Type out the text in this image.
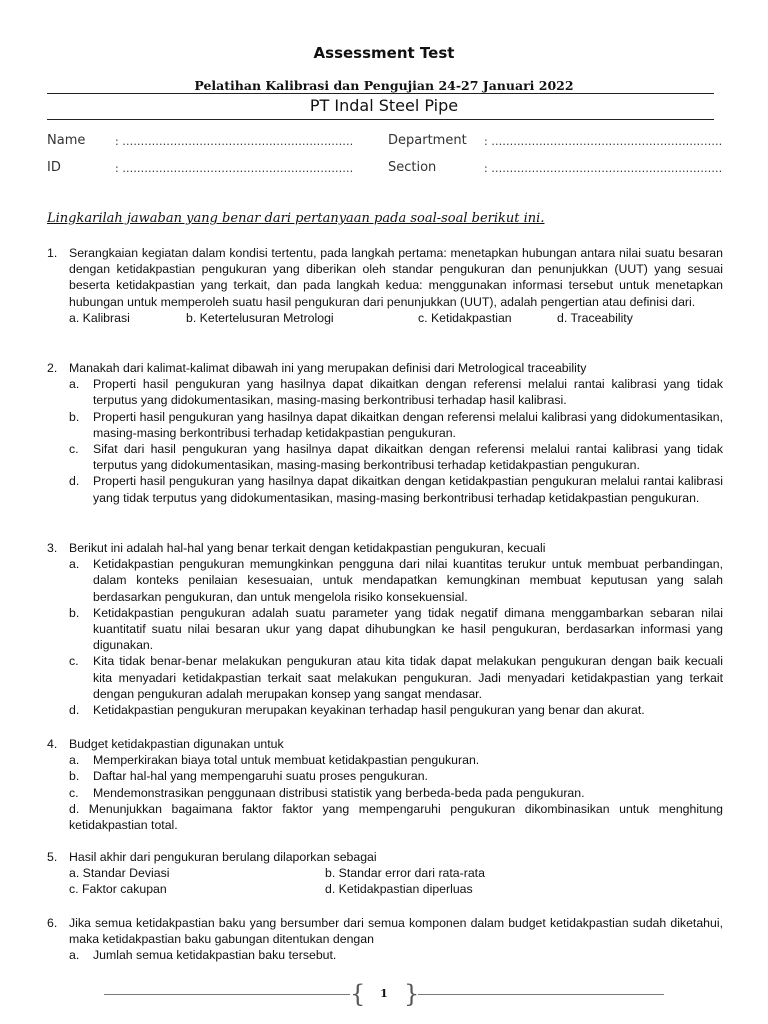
Assessment Test
Pelatihan Kalibrasi dan Pengujian 24-27 Januari 2022
PT Indal Steel Pipe
Name	: ………………………………………………………	Department : ………………………………………………………
ID	: ………………………………………………………	Section	: ………………………………………………………
Lingkarilah jawaban yang benar dari pertanyaan pada soal-soal berikut ini.
1. Serangkaian kegiatan dalam kondisi tertentu, pada langkah pertama: menetapkan hubungan antara nilai suatu besaran dengan ketidakpastian pengukuran yang diberikan oleh standar pengukuran dan penunjukkan (UUT) yang sesuai beserta ketidakpastian yang terkait, dan pada langkah kedua: menggunakan informasi tersebut untuk menetapkan hubungan untuk memperoleh suatu hasil pengukuran dari penunjukkan (UUT), adalah pengertian atau definisi dari.
a. Kalibrasi	b. Ketertelusuran Metrologi	c. Ketidakpastian	d. Traceability
2. Manakah dari kalimat-kalimat dibawah ini yang merupakan definisi dari Metrological traceability
a. Properti hasil pengukuran yang hasilnya dapat dikaitkan dengan referensi melalui rantai kalibrasi yang tidak terputus yang didokumentasikan, masing-masing berkontribusi terhadap hasil kalibrasi.
b. Properti hasil pengukuran yang hasilnya dapat dikaitkan dengan referensi melalui kalibrasi yang didokumentasikan, masing-masing berkontribusi terhadap ketidakpastian pengukuran.
c. Sifat dari hasil pengukuran yang hasilnya dapat dikaitkan dengan referensi melalui rantai kalibrasi yang tidak terputus yang didokumentasikan, masing-masing berkontribusi terhadap ketidakpastian pengukuran.
d. Properti hasil pengukuran yang hasilnya dapat dikaitkan dengan ketidakpastian pengukuran melalui rantai kalibrasi yang tidak terputus yang didokumentasikan, masing-masing berkontribusi terhadap ketidakpastian pengukuran.
3. Berikut ini adalah hal-hal yang benar terkait dengan ketidakpastian pengukuran, kecuali
a. Ketidakpastian pengukuran memungkinkan pengguna dari nilai kuantitas terukur untuk membuat perbandingan, dalam konteks penilaian kesesuaian, untuk mendapatkan kemungkinan membuat keputusan yang salah berdasarkan pengukuran, dan untuk mengelola risiko konsekuensial.
b. Ketidakpastian pengukuran adalah suatu parameter yang tidak negatif dimana menggambarkan sebaran nilai kuantitatif suatu nilai besaran ukur yang dapat dihubungkan ke hasil pengukuran, berdasarkan informasi yang digunakan.
c. Kita tidak benar-benar melakukan pengukuran atau kita tidak dapat melakukan pengukuran dengan baik kecuali kita menyadari ketidakpastian terkait saat melakukan pengukuran. Jadi menyadari ketidakpastian yang terkait dengan pengukuran adalah merupakan konsep yang sangat mendasar.
d. Ketidakpastian pengukuran merupakan keyakinan terhadap hasil pengukuran yang benar dan akurat.
4. Budget ketidakpastian digunakan untuk
a. Memperkirakan biaya total untuk membuat ketidakpastian pengukuran.
b. Daftar hal-hal yang mempengaruhi suatu proses pengukuran.
c. Mendemonstrasikan penggunaan distribusi statistik yang berbeda-beda pada pengukuran.
d. Menunjukkan bagaimana faktor faktor yang mempengaruhi pengukuran dikombinasikan untuk menghitung ketidakpastian total.
5. Hasil akhir dari pengukuran berulang dilaporkan sebagai
a. Standar Deviasi	b. Standar error dari rata-rata
c. Faktor cakupan	d. Ketidakpastian diperluas
6. Jika semua ketidakpastian baku yang bersumber dari semua komponen dalam budget ketidakpastian sudah diketahui, maka ketidakpastian baku gabungan ditentukan dengan
a. Jumlah semua ketidakpastian baku tersebut.
{ }
1
